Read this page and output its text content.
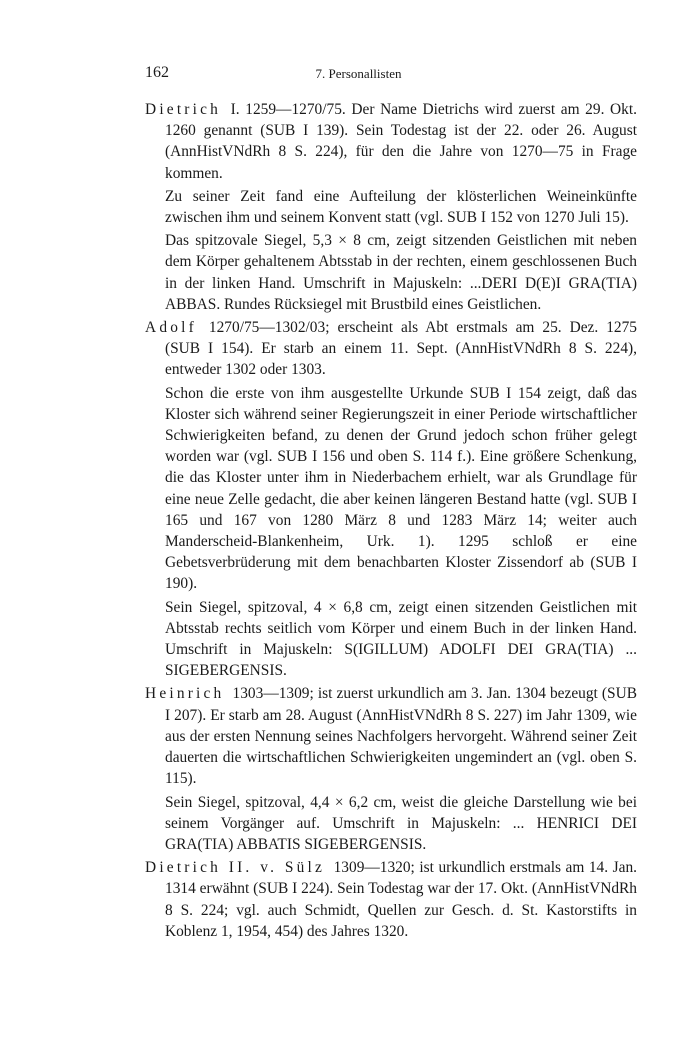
162	7. Personallisten

Dietrich I. 1259—1270/75. Der Name Dietrichs wird zuerst am 29. Okt. 1260 genannt (SUB I 139). Sein Todestag ist der 22. oder 26. August (AnnHistVNdRh 8 S. 224), für den die Jahre von 1270—75 in Frage kommen.

Zu seiner Zeit fand eine Aufteilung der klösterlichen Weineinkünfte zwischen ihm und seinem Konvent statt (vgl. SUB I 152 von 1270 Juli 15).

Das spitzovale Siegel, 5,3 × 8 cm, zeigt sitzenden Geistlichen mit neben dem Körper gehaltenem Abtsstab in der rechten, einem geschlossenen Buch in der linken Hand. Umschrift in Majuskeln: ...DERI D(E)I GRA(TIA) ABBAS. Rundes Rücksiegel mit Brustbild eines Geistlichen.

Adolf 1270/75—1302/03; erscheint als Abt erstmals am 25. Dez. 1275 (SUB I 154). Er starb an einem 11. Sept. (AnnHistVNdRh 8 S. 224), entweder 1302 oder 1303.

Schon die erste von ihm ausgestellte Urkunde SUB I 154 zeigt, daß das Kloster sich während seiner Regierungszeit in einer Periode wirtschaftlicher Schwierigkeiten befand, zu denen der Grund jedoch schon früher gelegt worden war (vgl. SUB I 156 und oben S. 114 f.). Eine größere Schenkung, die das Kloster unter ihm in Niederbachem erhielt, war als Grundlage für eine neue Zelle gedacht, die aber keinen längeren Bestand hatte (vgl. SUB I 165 und 167 von 1280 März 8 und 1283 März 14; weiter auch Manderscheid-Blankenheim, Urk. 1). 1295 schloß er eine Gebetsverbrüderung mit dem benachbarten Kloster Zissendorf ab (SUB I 190).

Sein Siegel, spitzoval, 4 × 6,8 cm, zeigt einen sitzenden Geistlichen mit Abtsstab rechts seitlich vom Körper und einem Buch in der linken Hand. Umschrift in Majuskeln: S(IGILLUM) ADOLFI DEI GRA(TIA) ... SIGEBERGENSIS.

Heinrich 1303—1309; ist zuerst urkundlich am 3. Jan. 1304 bezeugt (SUB I 207). Er starb am 28. August (AnnHistVNdRh 8 S. 227) im Jahr 1309, wie aus der ersten Nennung seines Nachfolgers hervorgeht. Während seiner Zeit dauerten die wirtschaftlichen Schwierigkeiten ungemindert an (vgl. oben S. 115).

Sein Siegel, spitzoval, 4,4 × 6,2 cm, weist die gleiche Darstellung wie bei seinem Vorgänger auf. Umschrift in Majuskeln: ... HENRICI DEI GRA(TIA) ABBATIS SIGEBERGENSIS.

Dietrich II. v. Sülz 1309—1320; ist urkundlich erstmals am 14. Jan. 1314 erwähnt (SUB I 224). Sein Todestag war der 17. Okt. (AnnHistVNdRh 8 S. 224; vgl. auch Schmidt, Quellen zur Gesch. d. St. Kastorstifts in Koblenz 1, 1954, 454) des Jahres 1320.
